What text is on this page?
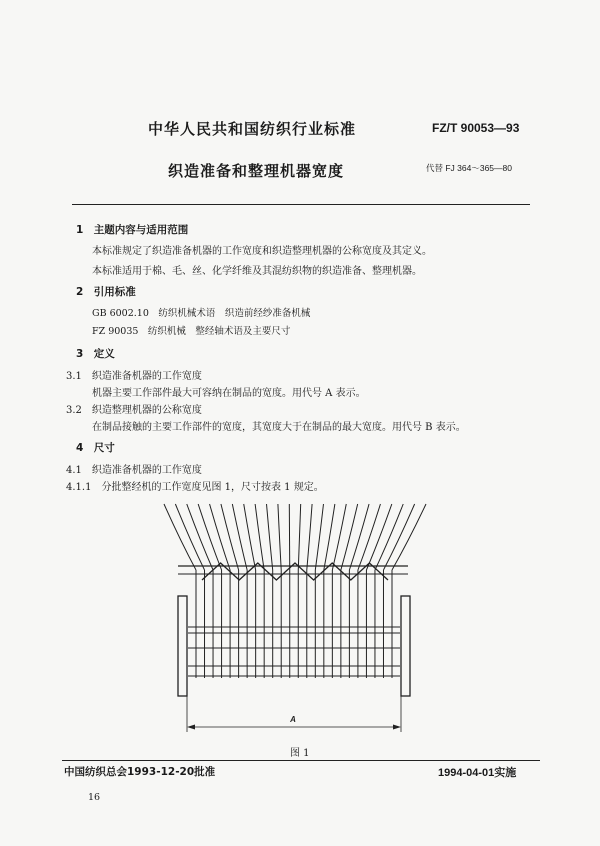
中华人民共和国纺织行业标准	FZ/T 90053—93
织造准备和整理机器宽度	代替 FJ 364～365—80
1　主题内容与适用范围
本标准规定了织造准备机器的工作宽度和织造整理机器的公称宽度及其定义。
本标准适用于棉、毛、丝、化学纤维及其混纺织物的织造准备、整理机器。
2　引用标准
GB 6002.10　纺织机械术语　织造前经纱准备机械
FZ 90035　纺织机械　整经轴术语及主要尺寸
3　定义
3.1　织造准备机器的工作宽度
机器主要工作部件最大可容纳在制品的宽度。用代号 A 表示。
3.2　织造整理机器的公称宽度
在制品接触的主要工作部件的宽度，其宽度大于在制品的最大宽度。用代号 B 表示。
4　尺寸
4.1　织造准备机器的工作宽度
4.1.1　分批整经机的工作宽度见图 1，尺寸按表 1 规定。
A
图 1
中国纺织总会1993-12-20批准	1994-04-01实施
16
